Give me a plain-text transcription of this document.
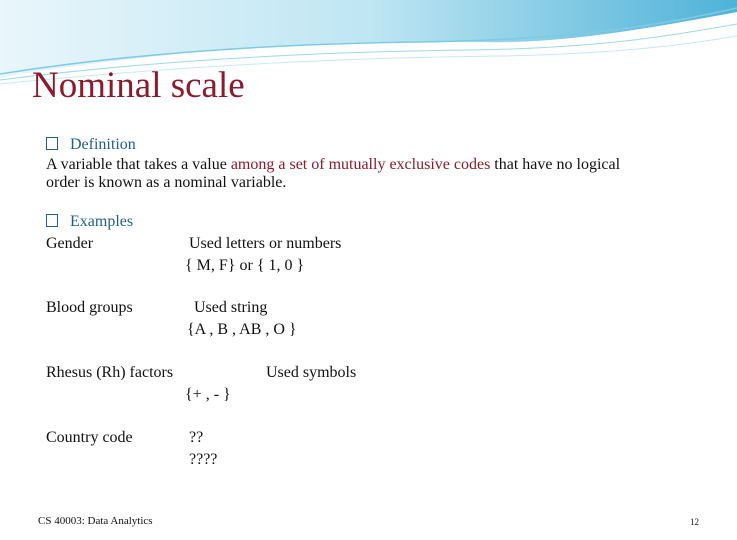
Nominal scale
Definition
A variable that takes a value among a set of mutually exclusive codes that have no logical
order is known as a nominal variable.
Examples
Gender	Used letters or numbers
{ M, F} or { 1, 0 }
Blood groups	Used string
{A , B , AB , O }
Rhesus (Rh) factors	Used symbols
{+ , - }
Country code	??
????
CS 40003: Data Analytics	12
